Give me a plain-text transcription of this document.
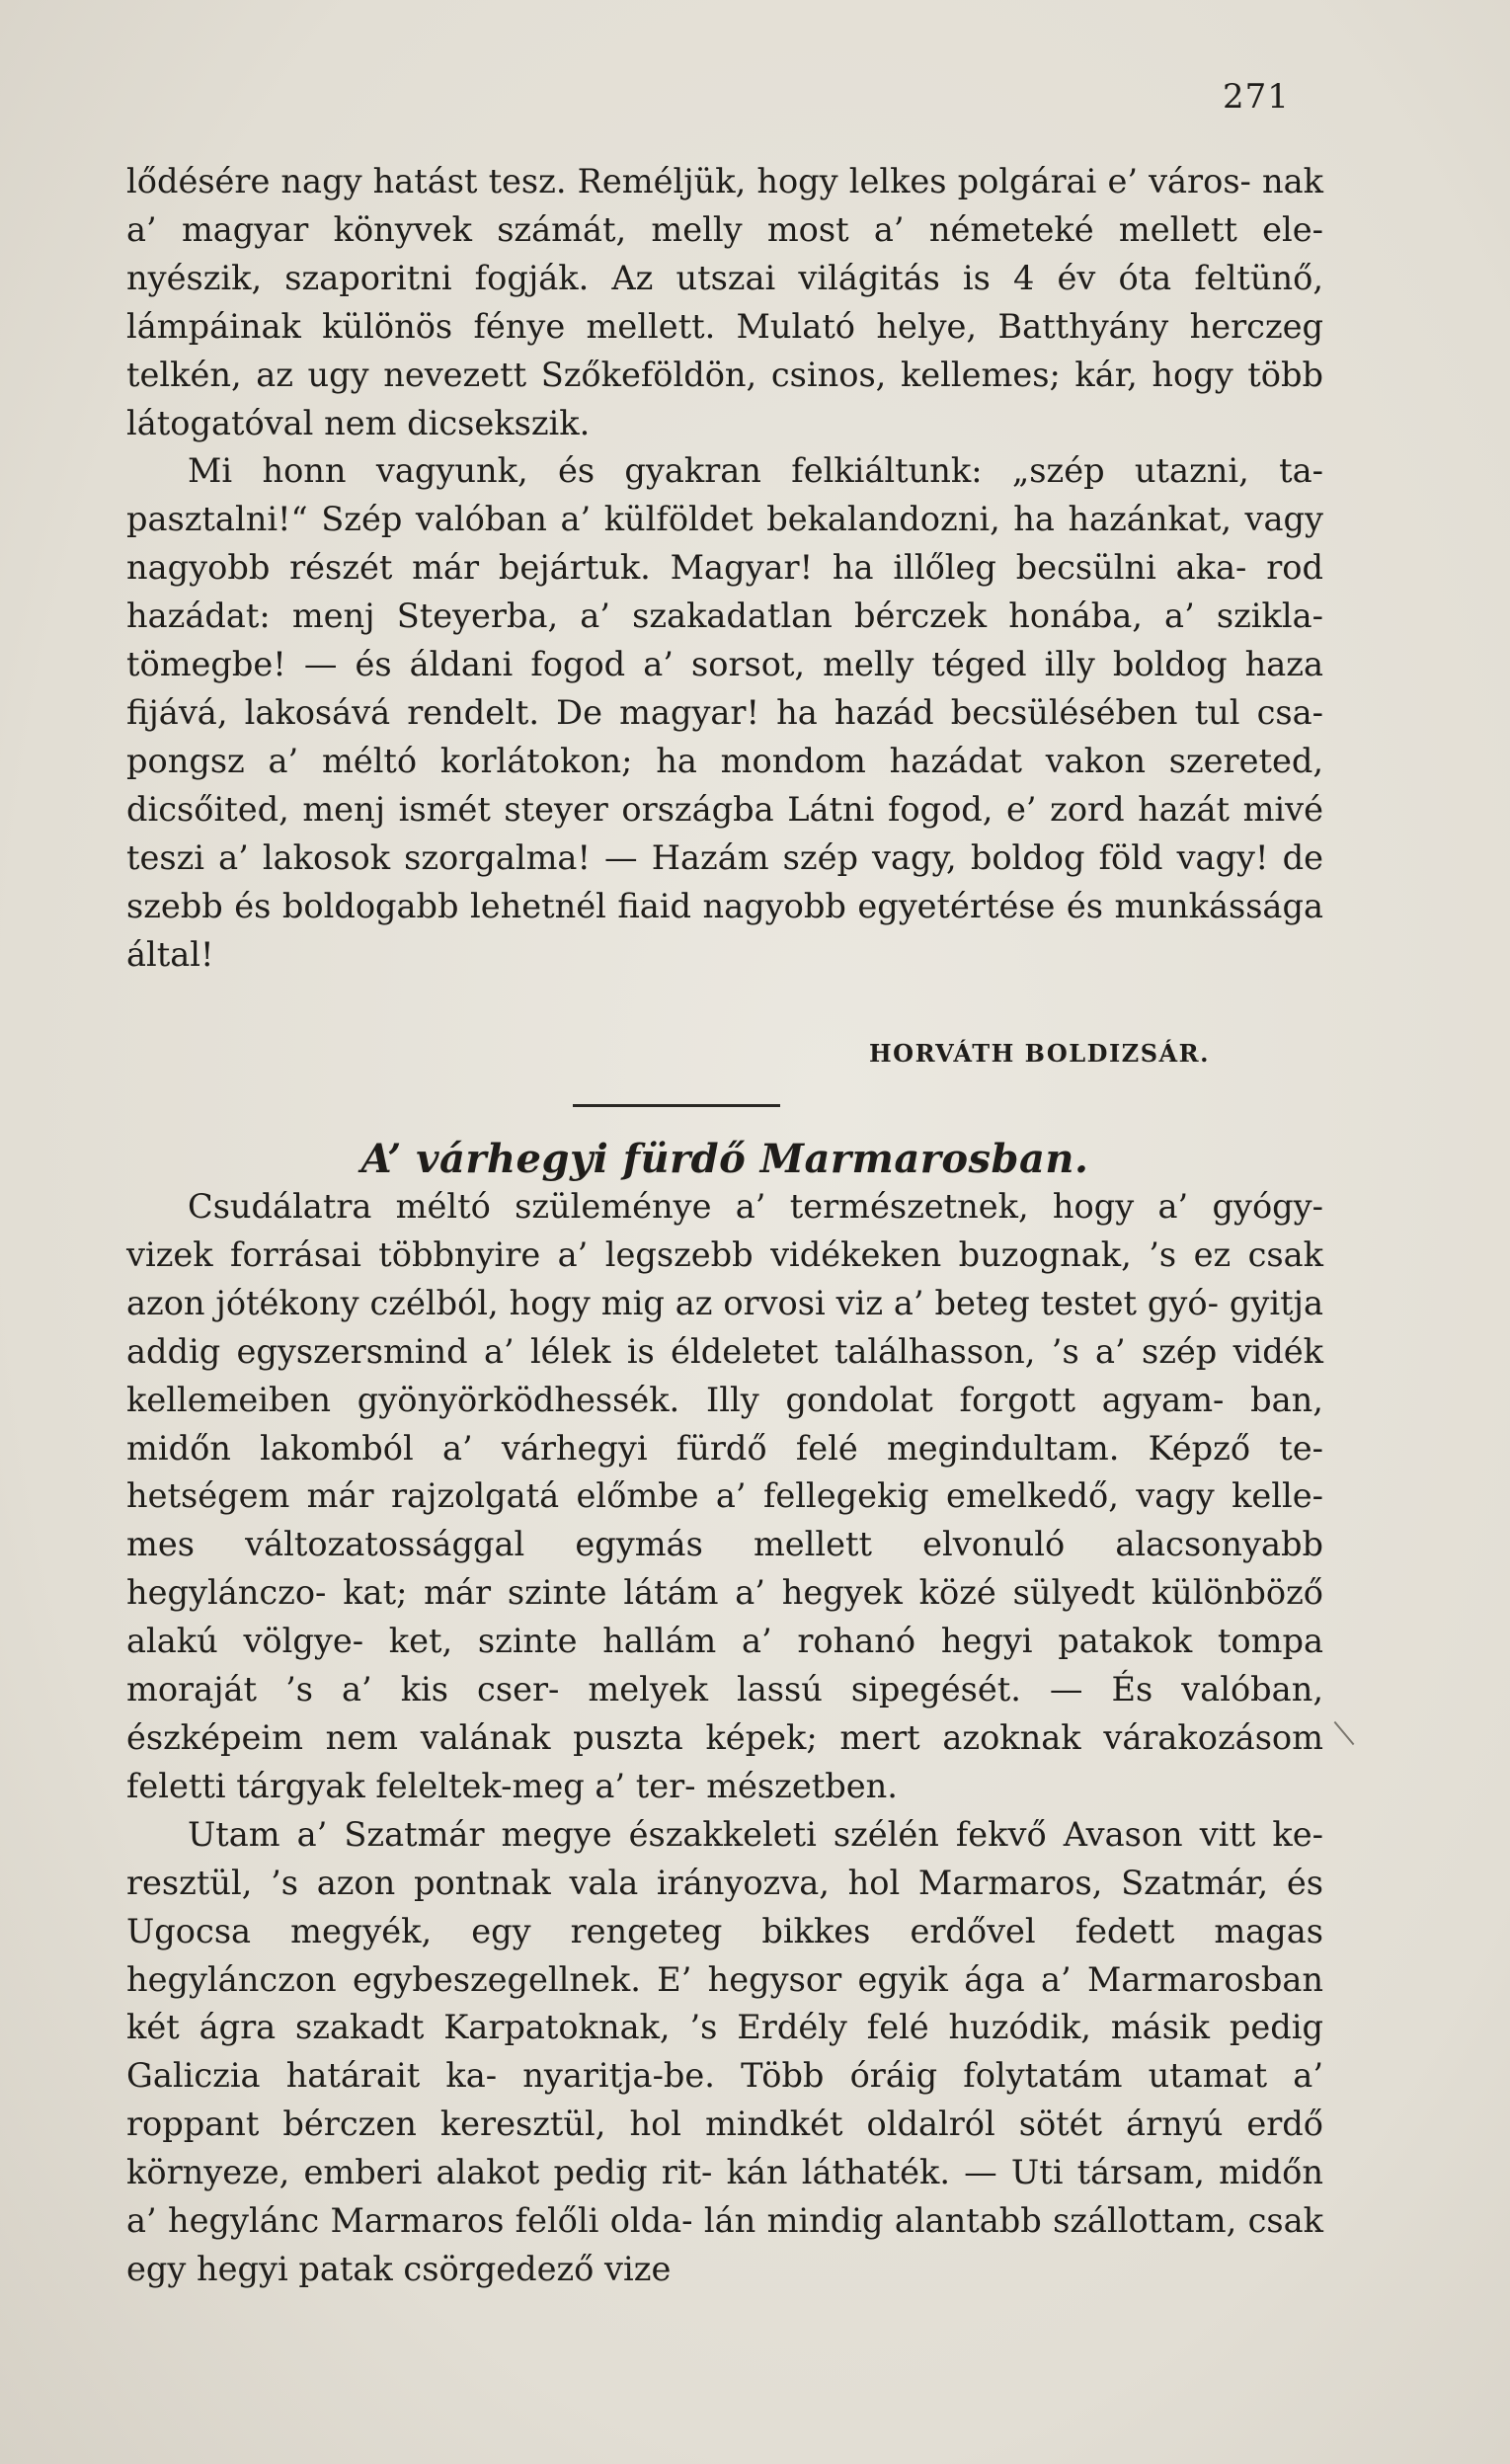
271

lődésére nagy hatást tesz. Reméljük, hogy lelkes polgárai e’ város- nak a’ magyar könyvek számát, melly most a’ németeké mellett ele- nyészik, szaporitni fogják. Az utszai világitás is 4 év óta feltünő, lámpáinak különös fénye mellett. Mulató helye, Batthyány herczeg telkén, az ugy nevezett Szőkeföldön, csinos, kellemes; kár, hogy több látogatóval nem dicsekszik.

Mi honn vagyunk, és gyakran felkiáltunk: „szép utazni, ta- pasztalni!“ Szép valóban a’ külföldet bekalandozni, ha hazánkat, vagy nagyobb részét már bejártuk. Magyar! ha illőleg becsülni aka- rod hazádat: menj Steyerba, a’ szakadatlan bérczek honába, a’ szikla- tömegbe! — és áldani fogod a’ sorsot, melly téged illy boldog haza fijává, lakosává rendelt. De magyar! ha hazád becsülésében tul csa- pongsz a’ méltó korlátokon; ha mondom hazádat vakon szereted, dicsőited, menj ismét steyer országba Látni fogod, e’ zord hazát mivé teszi a’ lakosok szorgalma! — Hazám szép vagy, boldog föld vagy! de szebb és boldogabb lehetnél fiaid nagyobb egyetértése és munkássága által!

HORVÁTH BOLDIZSÁR.
A’ várhegyi fürdő Marmarosban.

Csudálatra méltó szüleménye a’ természetnek, hogy a’ gyógy- vizek forrásai többnyire a’ legszebb vidékeken buzognak, ’s ez csak azon jótékony czélból, hogy mig az orvosi viz a’ beteg testet gyó- gyitja addig egyszersmind a’ lélek is éldeletet találhasson, ’s a’ szép vidék kellemeiben gyönyörködhessék. Illy gondolat forgott agyam- ban, midőn lakomból a’ várhegyi fürdő felé megindultam. Képző te- hetségem már rajzolgatá előmbe a’ fellegekig emelkedő, vagy kelle- mes változatossággal egymás mellett elvonuló alacsonyabb hegylánczo- kat; már szinte látám a’ hegyek közé sülyedt különböző alakú völgye- ket, szinte hallám a’ rohanó hegyi patakok tompa moraját ’s a’ kis cser- melyek lassú sipegését. — És valóban, észképeim nem valának puszta képek; mert azoknak várakozásom feletti tárgyak feleltek-meg a’ ter- mészetben.

Utam a’ Szatmár megye északkeleti szélén fekvő Avason vitt ke- resztül, ’s azon pontnak vala irányozva, hol Marmaros, Szatmár, és Ugocsa megyék, egy rengeteg bikkes erdővel fedett magas hegylánczon egybeszegellnek. E’ hegysor egyik ága a’ Marmarosban két ágra szakadt Karpatoknak, ’s Erdély felé huzódik, másik pedig Galiczia határait ka- nyaritja-be. Több óráig folytatám utamat a’ roppant bérczen keresztül, hol mindkét oldalról sötét árnyú erdő környeze, emberi alakot pedig rit- kán láthaték. — Uti társam, midőn a’ hegylánc Marmaros felőli olda- lán mindig alantabb szállottam, csak egy hegyi patak csörgedező vize
